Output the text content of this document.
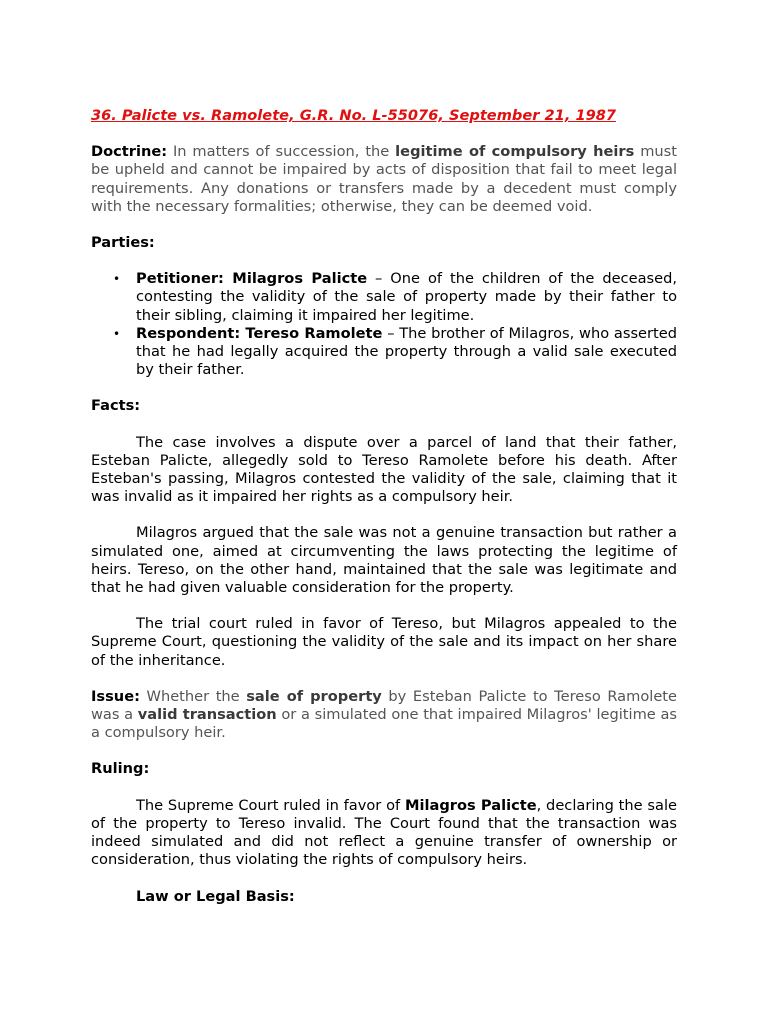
36. Palicte vs. Ramolete, G.R. No. L-55076, September 21, 1987

Doctrine: In matters of succession, the legitime of compulsory heirs must be upheld and cannot be impaired by acts of disposition that fail to meet legal requirements. Any donations or transfers made by a decedent must comply with the necessary formalities; otherwise, they can be deemed void.

Parties:
• Petitioner: Milagros Palicte – One of the children of the deceased, contesting the validity of the sale of property made by their father to their sibling, claiming it impaired her legitime.
• Respondent: Tereso Ramolete – The brother of Milagros, who asserted that he had legally acquired the property through a valid sale executed by their father.
Facts:

The case involves a dispute over a parcel of land that their father, Esteban Palicte, allegedly sold to Tereso Ramolete before his death. After Esteban's passing, Milagros contested the validity of the sale, claiming that it was invalid as it impaired her rights as a compulsory heir.

Milagros argued that the sale was not a genuine transaction but rather a simulated one, aimed at circumventing the laws protecting the legitime of heirs. Tereso, on the other hand, maintained that the sale was legitimate and that he had given valuable consideration for the property.

The trial court ruled in favor of Tereso, but Milagros appealed to the Supreme Court, questioning the validity of the sale and its impact on her share of the inheritance.

Issue: Whether the sale of property by Esteban Palicte to Tereso Ramolete was a valid transaction or a simulated one that impaired Milagros' legitime as a compulsory heir.

Ruling:

The Supreme Court ruled in favor of Milagros Palicte, declaring the sale of the property to Tereso invalid. The Court found that the transaction was indeed simulated and did not reflect a genuine transfer of ownership or consideration, thus violating the rights of compulsory heirs.

Law or Legal Basis:
